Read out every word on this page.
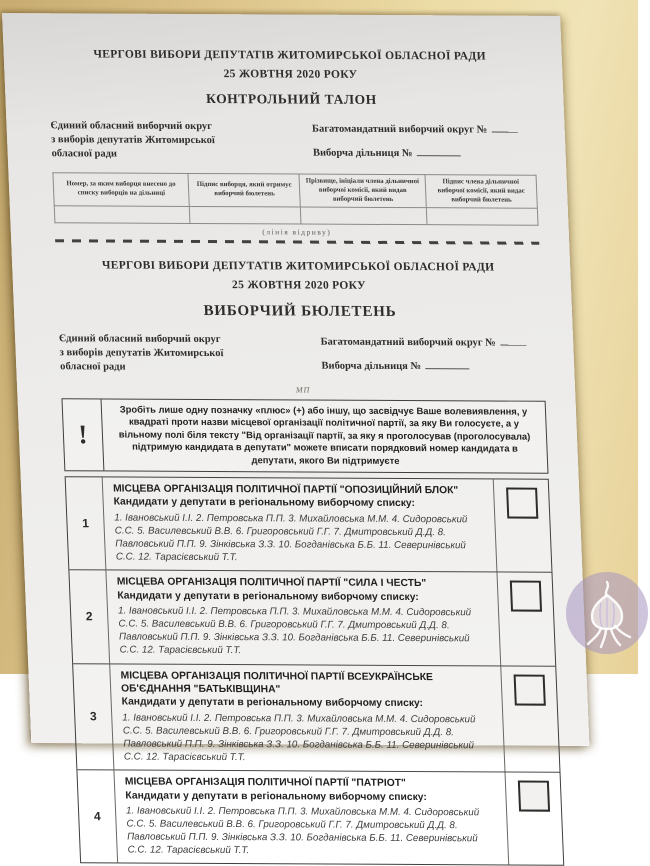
ЧЕРГОВІ ВИБОРИ ДЕПУТАТІВ ЖИТОМИРСЬКОЇ ОБЛАСНОЇ РАДИ
25 ЖОВТНЯ 2020 РОКУ
КОНТРОЛЬНИЙ ТАЛОН
Єдиний обласний виборчий округ
з виборів депутатів Житомирської
обласної ради
Багатомандатний виборчий округ №
Виборча дільниця №
Номер, за яким виборця внесено до списку виборців на дільниці	Підпис виборця, який отримує виборчий бюлетень	Прізвище, ініціали члена дільничної виборчої комісії, який видав виборчий бюлетень	Підпис члена дільничної виборчої комісії, який видає виборчий бюлетень

(лінія відриву)
ЧЕРГОВІ ВИБОРИ ДЕПУТАТІВ ЖИТОМИРСЬКОЇ ОБЛАСНОЇ РАДИ
25 ЖОВТНЯ 2020 РОКУ
ВИБОРЧИЙ БЮЛЕТЕНЬ
Єдиний обласний виборчий округ
з виборів депутатів Житомирської
обласної ради
Багатомандатний виборчий округ №
Виборча дільниця №
МП
!
Зробіть лише одну позначку «плюс» (+) або іншу, що засвідчує Ваше волевиявлення, у квадраті проти назви місцевої організації політичної партії, за яку Ви голосуєте, а у вільному полі біля тексту "Від організації партії, за яку я проголосував (проголосувала) підтримую кандидата в депутати" можете вписати порядковий номер кандидата в депутати, якого Ви підтримуєте
1
МІСЦЕВА ОРГАНІЗАЦІЯ ПОЛІТИЧНОЇ ПАРТІЇ "ОПОЗИЦІЙНИЙ БЛОК"
Кандидати у депутати в регіональному виборчому списку:
1. Івановський І.І. 2. Петровська П.П. 3. Михайловська М.М. 4. Сидоровський С.С. 5. Василевський В.В. 6. Григоровський Г.Г. 7. Дмитровський Д.Д. 8. Павловський П.П. 9. Зінківська З.З. 10. Богданівська Б.Б. 11. Северинівський С.С. 12. Тарасієвський Т.Т.
2
МІСЦЕВА ОРГАНІЗАЦІЯ ПОЛІТИЧНОЇ ПАРТІЇ "СИЛА І ЧЕСТЬ"
Кандидати у депутати в регіональному виборчому списку:
1. Івановський І.І. 2. Петровська П.П. 3. Михайловська М.М. 4. Сидоровський С.С. 5. Василевський В.В. 6. Григоровський Г.Г. 7. Дмитровський Д.Д. 8. Павловський П.П. 9. Зінківська З.З. 10. Богданівська Б.Б. 11. Северинівський С.С. 12. Тарасієвський Т.Т.
3
МІСЦЕВА ОРГАНІЗАЦІЯ ПОЛІТИЧНОЇ ПАРТІЇ ВСЕУКРАЇНСЬКЕ ОБ'ЄДНАННЯ "БАТЬКІВЩИНА"
Кандидати у депутати в регіональному виборчому списку:
1. Івановський І.І. 2. Петровська П.П. 3. Михайловська М.М. 4. Сидоровський С.С. 5. Василевський В.В. 6. Григоровський Г.Г. 7. Дмитровський Д.Д. 8. Павловський П.П. 9. Зінківська З.З. 10. Богданівська Б.Б. 11. Северинівський С.С. 12. Тарасієвський Т.Т.
4
МІСЦЕВА ОРГАНІЗАЦІЯ ПОЛІТИЧНОЇ ПАРТІЇ "ПАТРІОТ"
Кандидати у депутати в регіональному виборчому списку:
1. Івановський І.І. 2. Петровська П.П. 3. Михайловська М.М. 4. Сидоровський С.С. 5. Василевський В.В. 6. Григоровський Г.Г. 7. Дмитровський Д.Д. 8. Павловський П.П. 9. Зінківська З.З. 10. Богданівська Б.Б. 11. Северинівський С.С. 12. Тарасієвський Т.Т.
